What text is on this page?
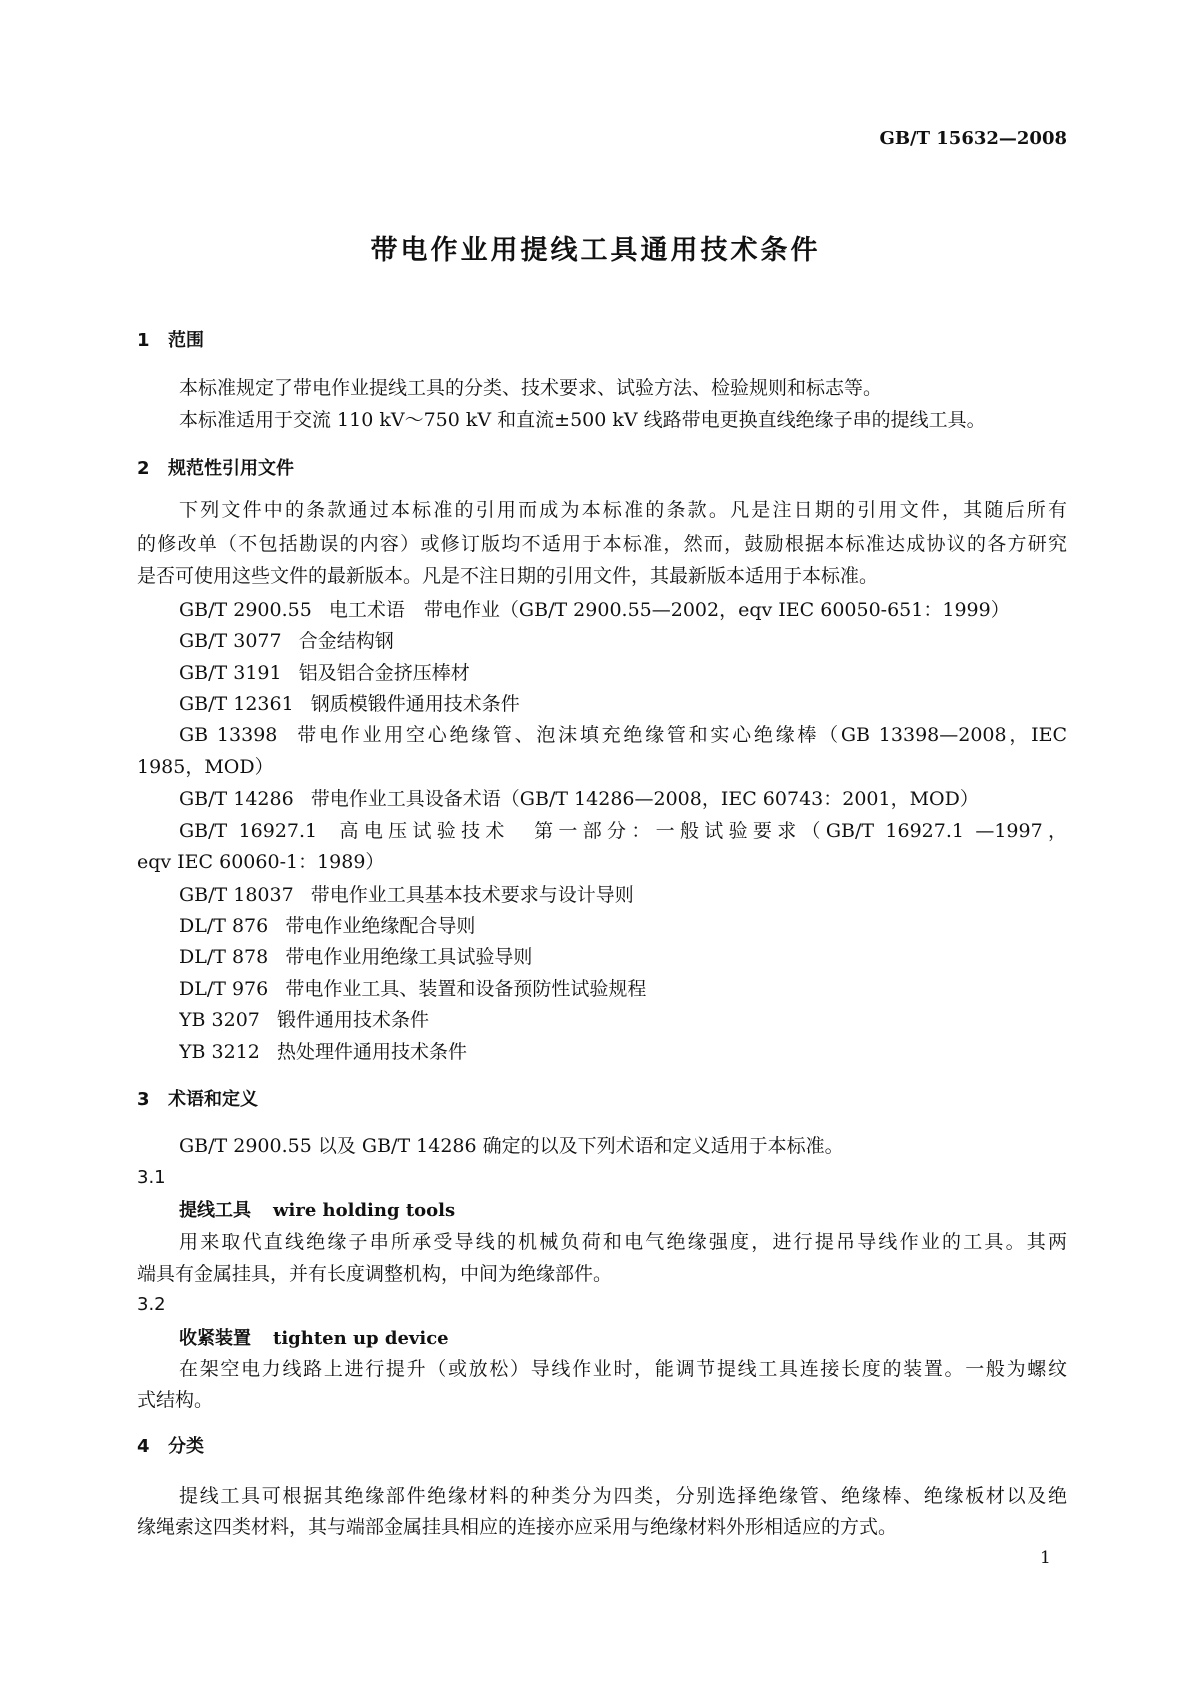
GB/T 15632—2008
带电作业用提线工具通用技术条件
1 范围
本标准规定了带电作业提线工具的分类、技术要求、试验方法、检验规则和标志等。
本标准适用于交流 110 kV～750 kV 和直流±500 kV 线路带电更换直线绝缘子串的提线工具。
2 规范性引用文件
下列文件中的条款通过本标准的引用而成为本标准的条款。凡是注日期的引用文件，其随后所有
的修改单（不包括勘误的内容）或修订版均不适用于本标准，然而，鼓励根据本标准达成协议的各方研究
是否可使用这些文件的最新版本。凡是不注日期的引用文件，其最新版本适用于本标准。
GB/T 2900.55 电工术语　带电作业（GB/T 2900.55—2002，eqv IEC 60050-651：1999）
GB/T 3077 合金结构钢
GB/T 3191 铝及铝合金挤压棒材
GB/T 12361 钢质模锻件通用技术条件
GB 13398 带电作业用空心绝缘管、泡沫填充绝缘管和实心绝缘棒（GB 13398—2008，IEC
1985，MOD）
GB/T 14286 带电作业工具设备术语（GB/T 14286—2008，IEC 60743：2001，MOD）
GB/T 16927.1 高电压试验技术　第一部分：一般试验要求（GB/T 16927.1 —1997，
eqv IEC 60060-1：1989）
GB/T 18037 带电作业工具基本技术要求与设计导则
DL/T 876 带电作业绝缘配合导则
DL/T 878 带电作业用绝缘工具试验导则
DL/T 976 带电作业工具、装置和设备预防性试验规程
YB 3207 锻件通用技术条件
YB 3212 热处理件通用技术条件
3 术语和定义
GB/T 2900.55 以及 GB/T 14286 确定的以及下列术语和定义适用于本标准。
3.1
提线工具 wire holding tools
用来取代直线绝缘子串所承受导线的机械负荷和电气绝缘强度，进行提吊导线作业的工具。其两
端具有金属挂具，并有长度调整机构，中间为绝缘部件。
3.2
收紧装置 tighten up device
在架空电力线路上进行提升（或放松）导线作业时，能调节提线工具连接长度的装置。一般为螺纹
式结构。
4 分类
提线工具可根据其绝缘部件绝缘材料的种类分为四类，分别选择绝缘管、绝缘棒、绝缘板材以及绝
缘绳索这四类材料，其与端部金属挂具相应的连接亦应采用与绝缘材料外形相适应的方式。
1
